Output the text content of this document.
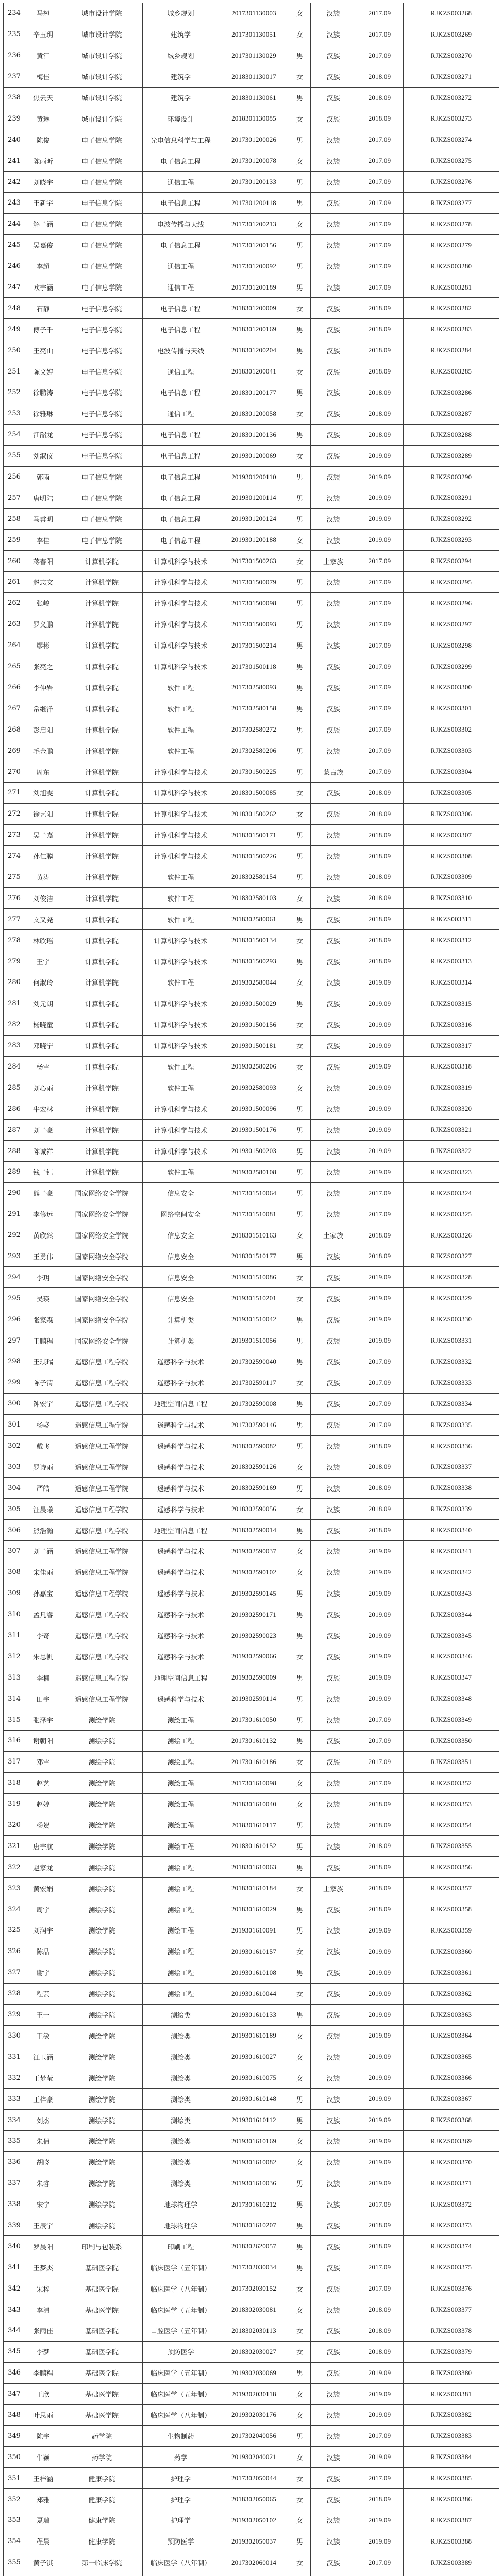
234	马翘	城市设计学院	城乡规划	2017301130003	女	汉族	2017.09	RJKZS003268
235	辛玉玥	城市设计学院	建筑学	2017301130051	女	汉族	2017.09	RJKZS003269
236	黄江	城市设计学院	城乡规划	2017301130029	男	汉族	2017.09	RJKZS003270
237	梅佳	城市设计学院	建筑学	2018301130017	女	汉族	2018.09	RJKZS003271
238	焦云天	城市设计学院	建筑学	2018301130061	男	汉族	2018.09	RJKZS003272
239	黄琳	城市设计学院	环境设计	2018301130085	女	汉族	2018.09	RJKZS003273
240	陈俊	电子信息学院	光电信息科学与工程	2017301200026	男	汉族	2017.09	RJKZS003274
241	陈雨昕	电子信息学院	电子信息工程	2017301200078	女	汉族	2017.09	RJKZS003275
242	刘晓宇	电子信息学院	通信工程	2017301200133	男	汉族	2017.09	RJKZS003276
243	王新宇	电子信息学院	电子信息工程	2017301200118	男	汉族	2017.09	RJKZS003277
244	解子涵	电子信息学院	电波传播与天线	2017301200213	女	汉族	2017.09	RJKZS003278
245	吴嘉俊	电子信息学院	电子信息工程	2017301200156	男	汉族	2017.09	RJKZS003279
246	李超	电子信息学院	通信工程	2017301200092	男	汉族	2017.09	RJKZS003280
247	欧宇涵	电子信息学院	通信工程	2017301200189	男	汉族	2017.09	RJKZS003281
248	石静	电子信息学院	电子信息工程	2018301200009	女	汉族	2018.09	RJKZS003282
249	傅子千	电子信息学院	电子信息工程	2018301200169	男	汉族	2018.09	RJKZS003283
250	王亮山	电子信息学院	电波传播与天线	2018301200204	男	汉族	2018.09	RJKZS003284
251	陈文婷	电子信息学院	通信工程	2018301200041	女	汉族	2018.09	RJKZS003285
252	徐鹏涛	电子信息学院	电子信息工程	2018301200177	男	汉族	2018.09	RJKZS003286
253	徐雅琳	电子信息学院	通信工程	2018301200058	女	汉族	2018.09	RJKZS003287
254	江韶龙	电子信息学院	电子信息工程	2018301200136	男	汉族	2018.09	RJKZS003288
255	刘淑仪	电子信息学院	电子信息工程	2019301200069	女	汉族	2019.09	RJKZS003289
256	郭雨	电子信息学院	电子信息工程	2019301200110	男	汉族	2019.09	RJKZS003290
257	唐明陆	电子信息学院	电子信息工程	2019301200114	男	汉族	2019.09	RJKZS003291
258	马睿明	电子信息学院	电子信息工程	2019301200124	男	汉族	2019.09	RJKZS003292
259	李佳	电子信息学院	电子信息工程	2019301200188	女	汉族	2019.09	RJKZS003293
260	蒋春阳	计算机学院	计算机科学与技术	2017301500263	女	土家族	2017.09	RJKZS003294
261	赵志文	计算机学院	计算机科学与技术	2017301500079	男	汉族	2017.09	RJKZS003295
262	张峻	计算机学院	计算机科学与技术	2017301500098	男	汉族	2017.09	RJKZS003296
263	罗义鹏	计算机学院	计算机科学与技术	2017301500093	男	汉族	2017.09	RJKZS003297
264	缪彬	计算机学院	计算机科学与技术	2017301500214	男	汉族	2017.09	RJKZS003298
265	张亮之	计算机学院	计算机科学与技术	2017301500118	男	汉族	2017.09	RJKZS003299
266	李仲岩	计算机学院	软件工程	2017302580093	男	汉族	2017.09	RJKZS003300
267	常继洋	计算机学院	软件工程	2017302580158	男	汉族	2017.09	RJKZS003301
268	彭启阳	计算机学院	软件工程	2017302580272	男	汉族	2017.09	RJKZS003302
269	毛金鹏	计算机学院	软件工程	2017302580206	男	汉族	2017.09	RJKZS003303
270	周东	计算机学院	计算机科学与技术	2017301500225	男	蒙古族	2017.09	RJKZS003304
271	刘旭雯	计算机学院	计算机科学与技术	2018301500085	女	汉族	2018.09	RJKZS003305
272	徐艺阳	计算机学院	计算机科学与技术	2018301500262	女	汉族	2018.09	RJKZS003306
273	吴子嘉	计算机学院	计算机科学与技术	2018301500171	男	汉族	2018.09	RJKZS003307
274	孙仁聪	计算机学院	计算机科学与技术	2018301500226	男	汉族	2018.09	RJKZS003308
275	黄涛	计算机学院	软件工程	2018302580154	男	汉族	2018.09	RJKZS003309
276	刘俊洁	计算机学院	软件工程	2018302580103	女	汉族	2018.09	RJKZS003310
277	文又尧	计算机学院	软件工程	2018302580061	男	汉族	2018.09	RJKZS003311
278	林欣瑶	计算机学院	计算机科学与技术	2018301500134	女	汉族	2018.09	RJKZS003312
279	王宇	计算机学院	计算机科学与技术	2018301500293	男	汉族	2018.09	RJKZS003313
280	何淑玲	计算机学院	软件工程	2019302580044	女	汉族	2019.09	RJKZS003314
281	刘元朗	计算机学院	计算机科学与技术	2019301500029	男	汉族	2019.09	RJKZS003315
282	杨晓童	计算机学院	计算机科学与技术	2019301500156	女	汉族	2019.09	RJKZS003316
283	邓晓宁	计算机学院	计算机科学与技术	2019301500181	女	汉族	2019.09	RJKZS003317
284	杨雪	计算机学院	软件工程	2019302580206	女	汉族	2019.09	RJKZS003318
285	刘心雨	计算机学院	软件工程	2019302580093	女	汉族	2019.09	RJKZS003319
286	牛宏林	计算机学院	计算机科学与技术	2019301500096	男	汉族	2019.09	RJKZS003320
287	刘子豪	计算机学院	计算机科学与技术	2019301500176	男	汉族	2019.09	RJKZS003321
288	陈诚祥	计算机学院	计算机科学与技术	2019301500203	男	汉族	2019.09	RJKZS003322
289	钱子钰	计算机学院	软件工程	2019302580108	男	汉族	2019.09	RJKZS003323
290	熊子豪	国家网络安全学院	信息安全	2017301510064	男	汉族	2017.09	RJKZS003324
291	李修远	国家网络安全学院	网络空间安全	2017301510081	男	汉族	2017.09	RJKZS003325
292	黄欣然	国家网络安全学院	信息安全	2018301510163	女	土家族	2018.09	RJKZS003326
293	王勇伟	国家网络安全学院	信息安全	2018301510177	男	汉族	2018.09	RJKZS003327
294	李玥	国家网络安全学院	信息安全	2019301510086	女	汉族	2019.09	RJKZS003328
295	吴瑛	国家网络安全学院	信息安全	2019301510201	女	汉族	2019.09	RJKZS003329
296	张家森	国家网络安全学院	计算机类	2019301510042	男	汉族	2019.09	RJKZS003330
297	王鹏程	国家网络安全学院	计算机类	2019301510056	男	汉族	2019.09	RJKZS003331
298	王琪瑞	遥感信息工程学院	遥感科学与技术	2017302590040	男	汉族	2017.09	RJKZS003332
299	陈子清	遥感信息工程学院	遥感科学与技术	2017302590117	女	汉族	2017.09	RJKZS003333
300	钟宏宇	遥感信息工程学院	地理空间信息工程	2017302590008	男	汉族	2017.09	RJKZS003334
301	杨骁	遥感信息工程学院	遥感科学与技术	2017302590146	男	汉族	2017.09	RJKZS003335
302	戴飞	遥感信息工程学院	遥感科学与技术	2018302590082	男	汉族	2018.09	RJKZS003336
303	罗诗雨	遥感信息工程学院	遥感科学与技术	2018302590126	女	汉族	2018.09	RJKZS003337
304	严皓	遥感信息工程学院	遥感科学与技术	2018302590169	男	汉族	2018.09	RJKZS003338
305	汪晨曦	遥感信息工程学院	遥感科学与技术	2018302590056	女	汉族	2018.09	RJKZS003339
306	熊浩瀚	遥感信息工程学院	地理空间信息工程	2018302590014	男	汉族	2018.09	RJKZS003340
307	刘子涵	遥感信息工程学院	遥感科学与技术	2019302590037	女	汉族	2019.09	RJKZS003341
308	宋佳雨	遥感信息工程学院	遥感科学与技术	2019302590102	女	汉族	2019.09	RJKZS003342
309	孙嘉宝	遥感信息工程学院	遥感科学与技术	2019302590145	男	汉族	2019.09	RJKZS003343
310	孟凡睿	遥感信息工程学院	遥感科学与技术	2019302590171	男	汉族	2019.09	RJKZS003344
311	李奇	遥感信息工程学院	遥感科学与技术	2019302590023	男	汉族	2019.09	RJKZS003345
312	朱思帆	遥感信息工程学院	遥感科学与技术	2019302590066	女	汉族	2019.09	RJKZS003346
313	李楠	遥感信息工程学院	地理空间信息工程	2019302590009	男	汉族	2019.09	RJKZS003347
314	田宇	遥感信息工程学院	遥感科学与技术	2019302590114	男	汉族	2019.09	RJKZS003348
315	张泽宇	测绘学院	测绘工程	2017301610050	男	汉族	2017.09	RJKZS003349
316	谢朝阳	测绘学院	测绘工程	2017301610132	男	汉族	2017.09	RJKZS003350
317	邓雪	测绘学院	测绘工程	2017301610186	女	汉族	2017.09	RJKZS003351
318	赵艺	测绘学院	测绘工程	2017301610098	女	汉族	2017.09	RJKZS003352
319	赵婷	测绘学院	测绘工程	2018301610040	女	汉族	2018.09	RJKZS003353
320	杨贺	测绘学院	测绘工程	2018301610117	男	汉族	2018.09	RJKZS003354
321	唐宇航	测绘学院	测绘工程	2018301610152	男	汉族	2018.09	RJKZS003355
322	赵家龙	测绘学院	测绘工程	2018301610063	男	汉族	2018.09	RJKZS003356
323	黄宏娟	测绘学院	测绘工程	2018301610184	女	土家族	2018.09	RJKZS003357
324	周宇	测绘学院	测绘工程	2018301610029	男	汉族	2018.09	RJKZS003358
325	刘润宇	测绘学院	测绘工程	2019301610091	男	汉族	2019.09	RJKZS003359
326	陈晶	测绘学院	测绘工程	2019301610157	女	汉族	2019.09	RJKZS003360
327	谢宇	测绘学院	测绘工程	2019301610108	男	汉族	2019.09	RJKZS003361
328	程芸	测绘学院	测绘工程	2019301610044	女	汉族	2019.09	RJKZS003362
329	王一	测绘学院	测绘类	2019301610133	男	汉族	2019.09	RJKZS003363
330	王敏	测绘学院	测绘类	2019301610189	女	汉族	2019.09	RJKZS003364
331	江玉涵	测绘学院	测绘类	2019301610027	女	汉族	2019.09	RJKZS003365
332	王梦莹	测绘学院	测绘类	2019301610075	女	汉族	2019.09	RJKZS003366
333	王梓豪	测绘学院	测绘类	2019301610148	男	汉族	2019.09	RJKZS003367
334	刘杰	测绘学院	测绘类	2019301610112	男	汉族	2019.09	RJKZS003368
335	朱倩	测绘学院	测绘类	2019301610169	女	汉族	2019.09	RJKZS003369
336	胡晓	测绘学院	测绘类	2019301610082	女	汉族	2019.09	RJKZS003370
337	朱睿	测绘学院	测绘类	2019301610036	男	汉族	2019.09	RJKZS003371
338	宋宇	测绘学院	地球物理学	2017301610212	男	汉族	2017.09	RJKZS003372
339	王辰宇	测绘学院	地球物理学	2018301610207	男	汉族	2018.09	RJKZS003373
340	罗晨阳	印刷与包装系	印刷工程	2018302620057	男	汉族	2018.09	RJKZS003374
341	王梦杰	基础医学院	临床医学（五年制）	2017302030034	男	汉族	2017.09	RJKZS003375
342	宋梓	基础医学院	临床医学（八年制）	2017302030152	女	汉族	2017.09	RJKZS003376
343	李清	基础医学院	临床医学（五年制）	2018302030081	女	汉族	2018.09	RJKZS003377
344	张雨佳	基础医学院	口腔医学（五年制）	2018302030113	女	汉族	2018.09	RJKZS003378
345	李梦	基础医学院	预防医学	2018302030027	女	汉族	2018.09	RJKZS003379
346	李鹏程	基础医学院	临床医学（五年制）	2019302030069	男	汉族	2019.09	RJKZS003380
347	王欣	基础医学院	临床医学（五年制）	2019302030118	女	汉族	2019.09	RJKZS003381
348	叶思雨	基础医学院	临床医学（八年制）	2019302030176	女	汉族	2019.09	RJKZS003382
349	陈宇	药学院	生物制药	2017302040056	男	汉族	2017.09	RJKZS003383
350	牛颖	药学院	药学	2019302040021	女	汉族	2019.09	RJKZS003384
351	王梓涵	健康学院	护理学	2017302050044	女	汉族	2017.09	RJKZS003385
352	郑雅	健康学院	护理学	2018302050065	女	汉族	2018.09	RJKZS003386
353	夏瑞	健康学院	护理学	2019302050102	女	汉族	2019.09	RJKZS003387
354	程晨	健康学院	预防医学	2019302050037	男	汉族	2019.09	RJKZS003388
355	黄子淇	第一临床学院	临床医学（八年制）	2017302060014	女	汉族	2017.09	RJKZS003389
